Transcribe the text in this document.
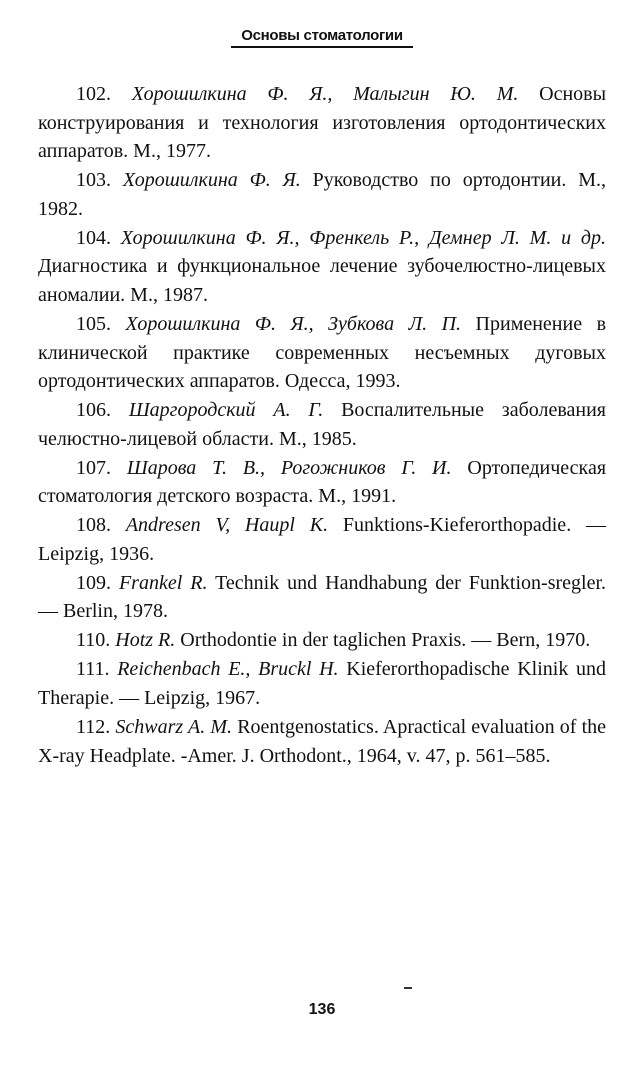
Основы стоматологии

102. Хорошилкина Ф. Я., Малыгин Ю. М. Основы конструирования и технология изготовления ортодонтических аппаратов. М., 1977.

103. Хорошилкина Ф. Я. Руководство по ортодонтии. М., 1982.

104. Хорошилкина Ф. Я., Френкель Р., Демнер Л. М. и др. Диагностика и функциональное лечение зубочелюстно-лицевых аномалии. М., 1987.

105. Хорошилкина Ф. Я., Зубкова Л. П. Применение в клинической практике современных несъемных дуговых ортодонтических аппаратов. Одесса, 1993.

106. Шаргородский А. Г. Воспалительные заболевания челюстно-лицевой области. М., 1985.

107. Шарова Т. В., Рогожников Г. И. Ортопедическая стоматология детского возраста. М., 1991.

108. Andresen V, Haupl K. Funktions-Kieferorthopadie. — Leipzig, 1936.

109. Frankel R. Technik und Handhabung der Funktion-sregler. — Berlin, 1978.

110. Hotz R. Orthodontie in der taglichen Praxis. — Bern, 1970.

111. Reichenbach E., Bruckl H. Kieferorthopadische Klinik und Therapie. — Leipzig, 1967.

112. Schwarz A. M. Roentgenostatics. Apractical evaluation of the X-ray Headplate. -Amer. J. Orthodont., 1964, v. 47, p. 561–585.

136
